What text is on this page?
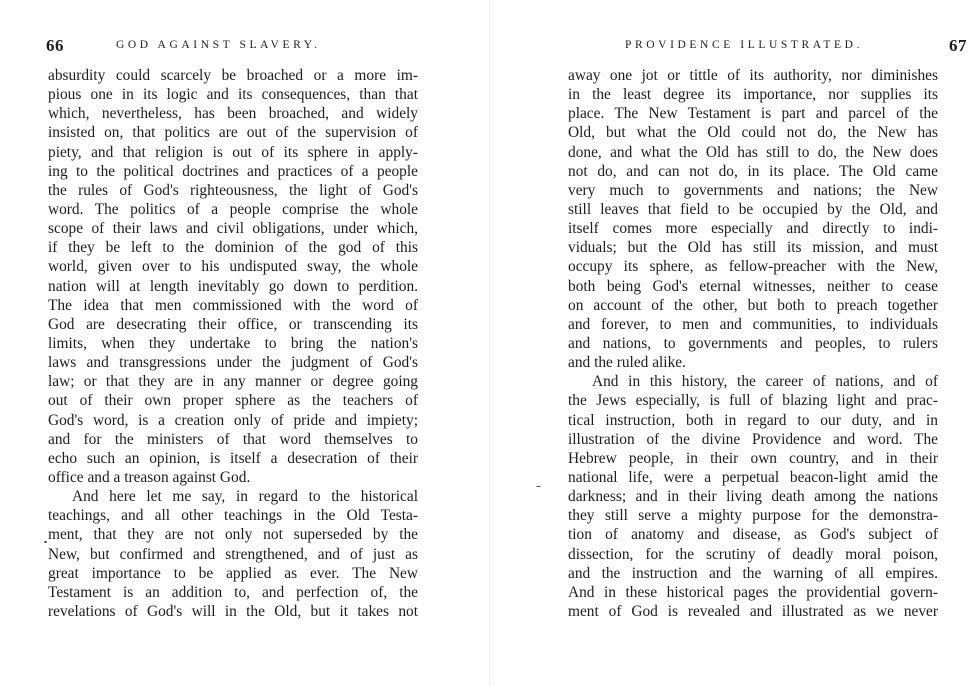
66	GOD AGAINST SLAVERY.
absurdity could scarcely be broached or a more im-
pious one in its logic and its consequences, than that
which, nevertheless, has been broached, and widely
insisted on, that politics are out of the supervision of
piety, and that religion is out of its sphere in apply-
ing to the political doctrines and practices of a people
the rules of God's righteousness, the light of God's
word. The politics of a people comprise the whole
scope of their laws and civil obligations, under which,
if they be left to the dominion of the god of this
world, given over to his undisputed sway, the whole
nation will at length inevitably go down to perdition.
The idea that men commissioned with the word of
God are desecrating their office, or transcending its
limits, when they undertake to bring the nation's
laws and transgressions under the judgment of God's
law; or that they are in any manner or degree going
out of their own proper sphere as the teachers of
God's word, is a creation only of pride and impiety;
and for the ministers of that word themselves to
echo such an opinion, is itself a desecration of their
office and a treason against God.
And here let me say, in regard to the historical
teachings, and all other teachings in the Old Testa-
ment, that they are not only not superseded by the
New, but confirmed and strengthened, and of just as
great importance to be applied as ever. The New
Testament is an addition to, and perfection of, the
revelations of God's will in the Old, but it takes not
PROVIDENCE ILLUSTRATED.	67
away one jot or tittle of its authority, nor diminishes
in the least degree its importance, nor supplies its
place. The New Testament is part and parcel of the
Old, but what the Old could not do, the New has
done, and what the Old has still to do, the New does
not do, and can not do, in its place. The Old came
very much to governments and nations; the New
still leaves that field to be occupied by the Old, and
itself comes more especially and directly to indi-
viduals; but the Old has still its mission, and must
occupy its sphere, as fellow-preacher with the New,
both being God's eternal witnesses, neither to cease
on account of the other, but both to preach together
and forever, to men and communities, to individuals
and nations, to governments and peoples, to rulers
and the ruled alike.
And in this history, the career of nations, and of
the Jews especially, is full of blazing light and prac-
tical instruction, both in regard to our duty, and in
illustration of the divine Providence and word. The
Hebrew people, in their own country, and in their
national life, were a perpetual beacon-light amid the
darkness; and in their living death among the nations
they still serve a mighty purpose for the demonstra-
tion of anatomy and disease, as God's subject of
dissection, for the scrutiny of deadly moral poison,
and the instruction and the warning of all empires.
And in these historical pages the providential govern-
ment of God is revealed and illustrated as we never
